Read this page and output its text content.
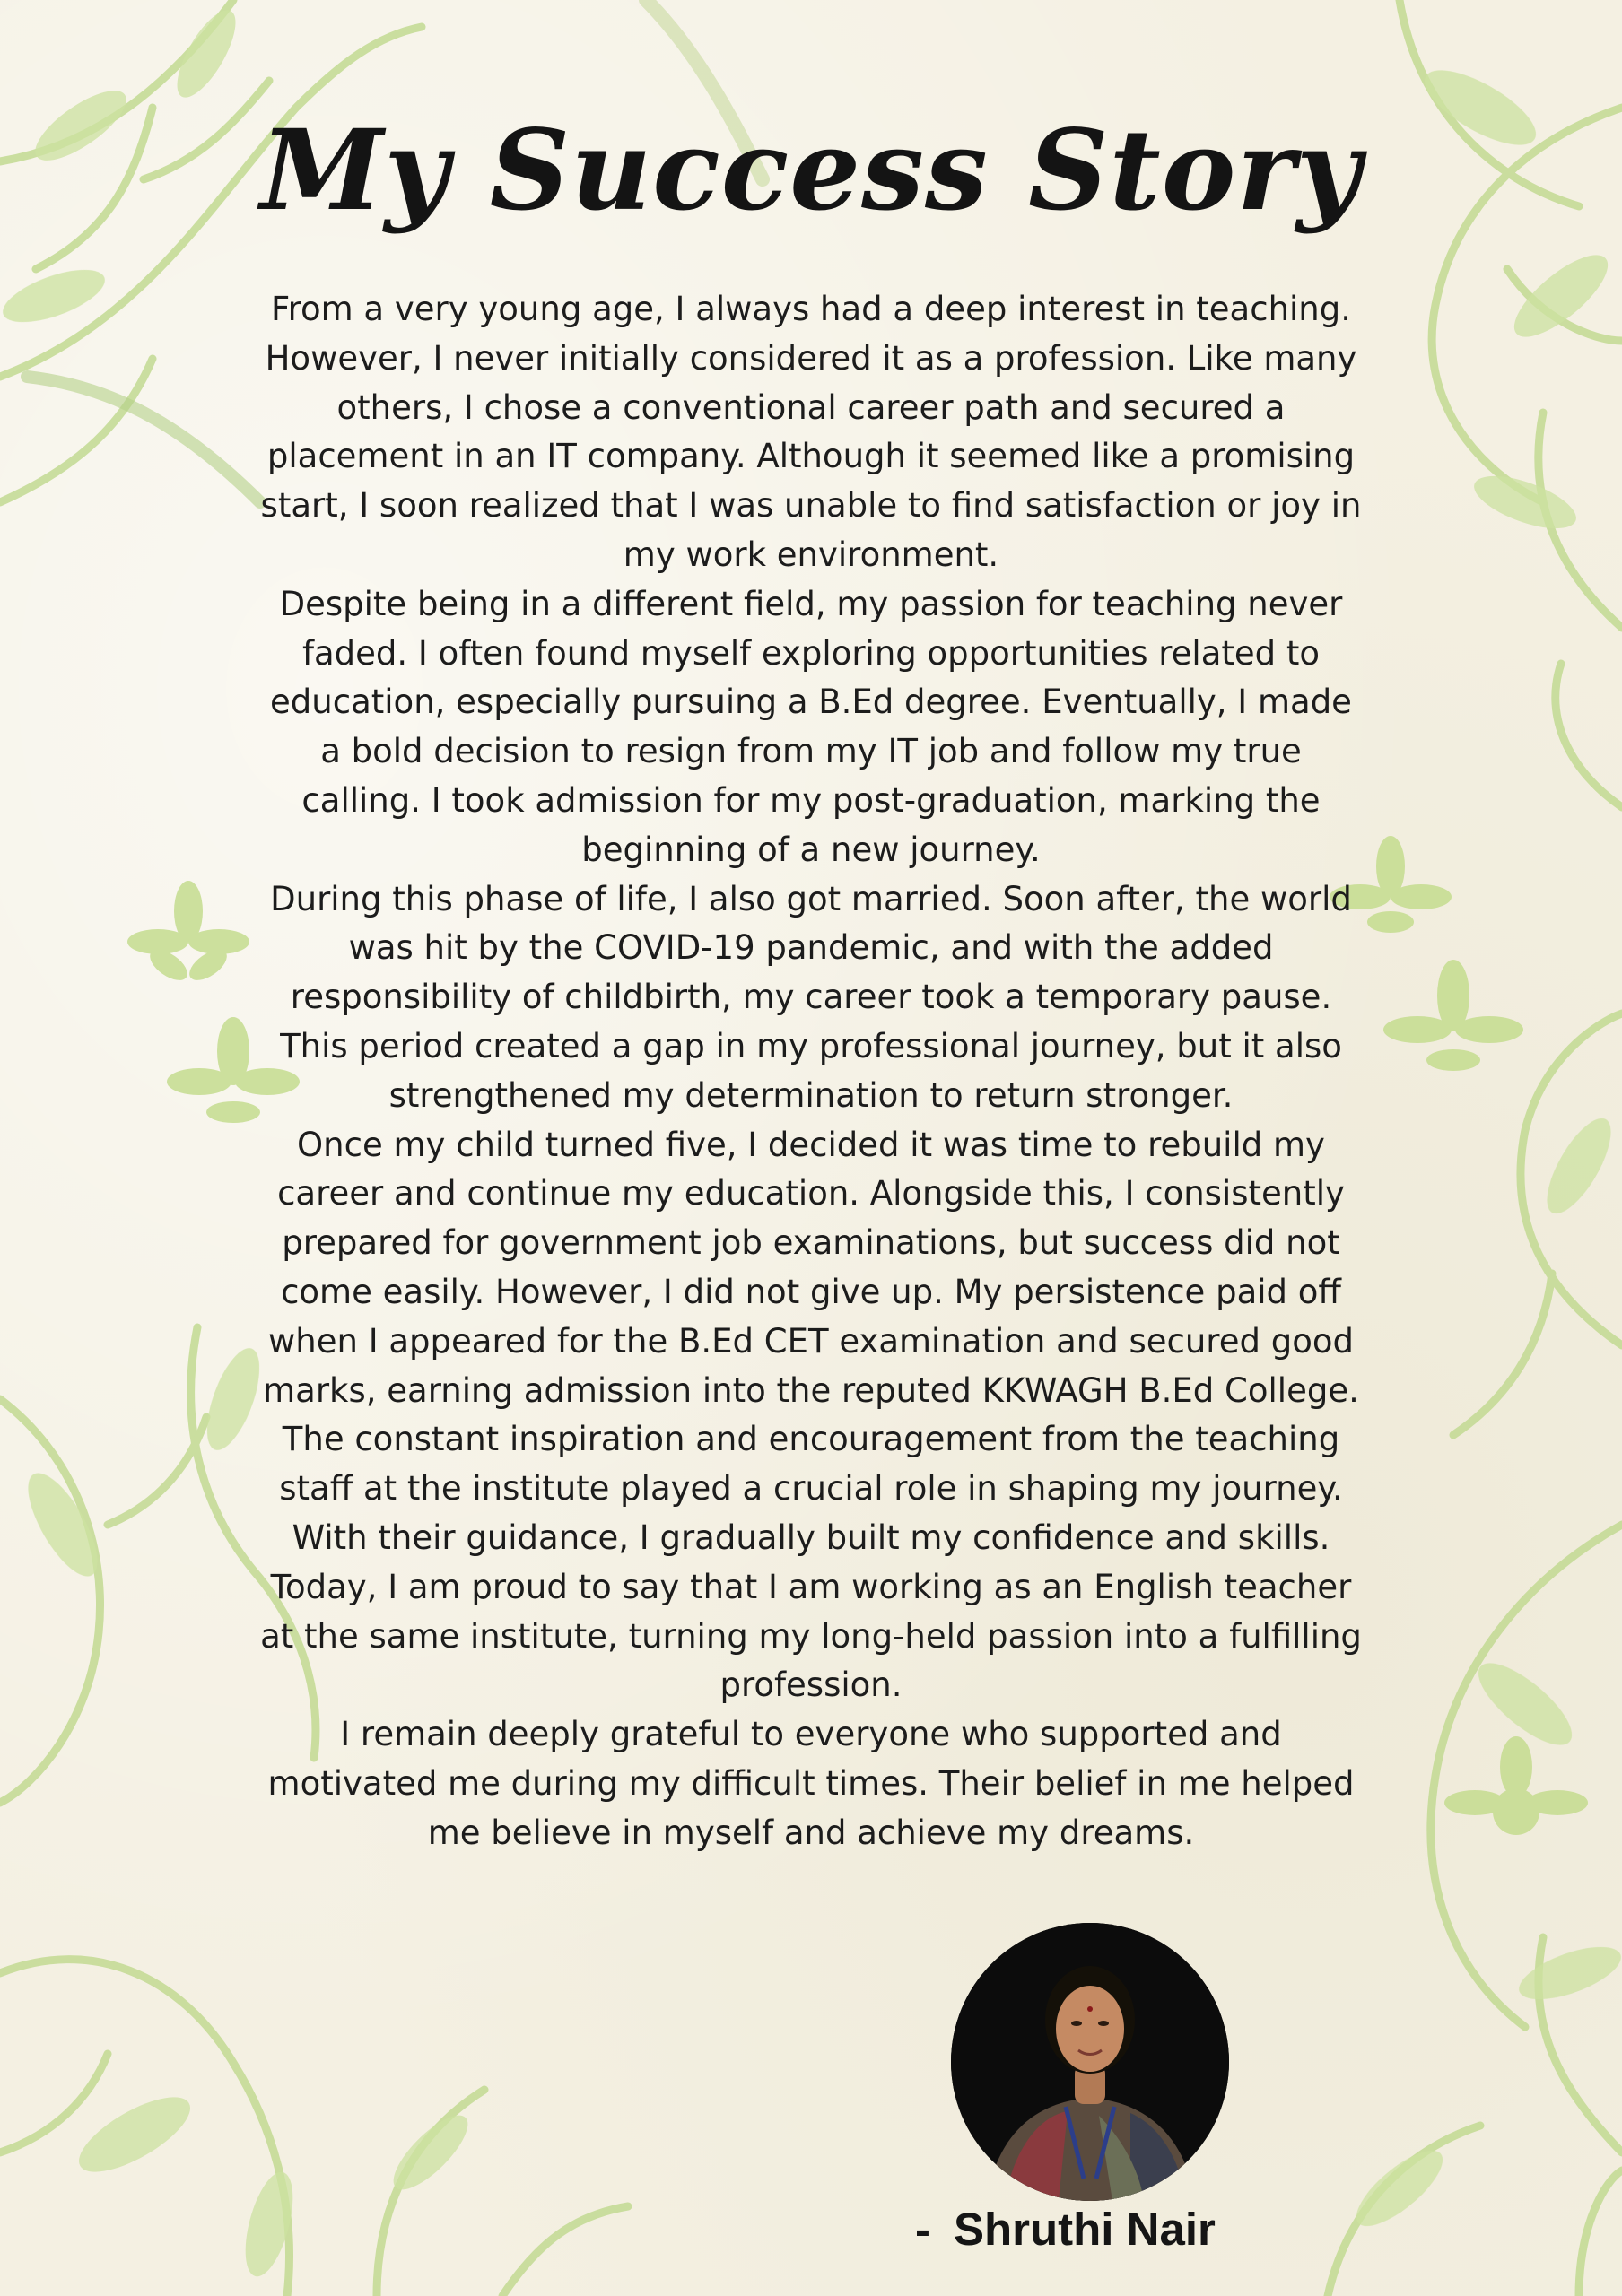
My Success Story

From a very young age, I always had a deep interest in teaching. However, I never initially considered it as a profession. Like many others, I chose a conventional career path and secured a placement in an IT company. Although it seemed like a promising start, I soon realized that I was unable to find satisfaction or joy in my work environment.

Despite being in a different field, my passion for teaching never faded. I often found myself exploring opportunities related to education, especially pursuing a B.Ed degree. Eventually, I made a bold decision to resign from my IT job and follow my true calling. I took admission for my post-graduation, marking the beginning of a new journey.

During this phase of life, I also got married. Soon after, the world was hit by the COVID-19 pandemic, and with the added responsibility of childbirth, my career took a temporary pause. This period created a gap in my professional journey, but it also strengthened my determination to return stronger.

Once my child turned five, I decided it was time to rebuild my career and continue my education. Alongside this, I consistently prepared for government job examinations, but success did not come easily. However, I did not give up. My persistence paid off when I appeared for the B.Ed CET examination and secured good marks, earning admission into the reputed KKWAGH B.Ed College.

The constant inspiration and encouragement from the teaching staff at the institute played a crucial role in shaping my journey. With their guidance, I gradually built my confidence and skills. Today, I am proud to say that I am working as an English teacher at the same institute, turning my long-held passion into a fulfilling profession.

I remain deeply grateful to everyone who supported and motivated me during my difficult times. Their belief in me helped me believe in myself and achieve my dreams.

- Shruthi Nair
